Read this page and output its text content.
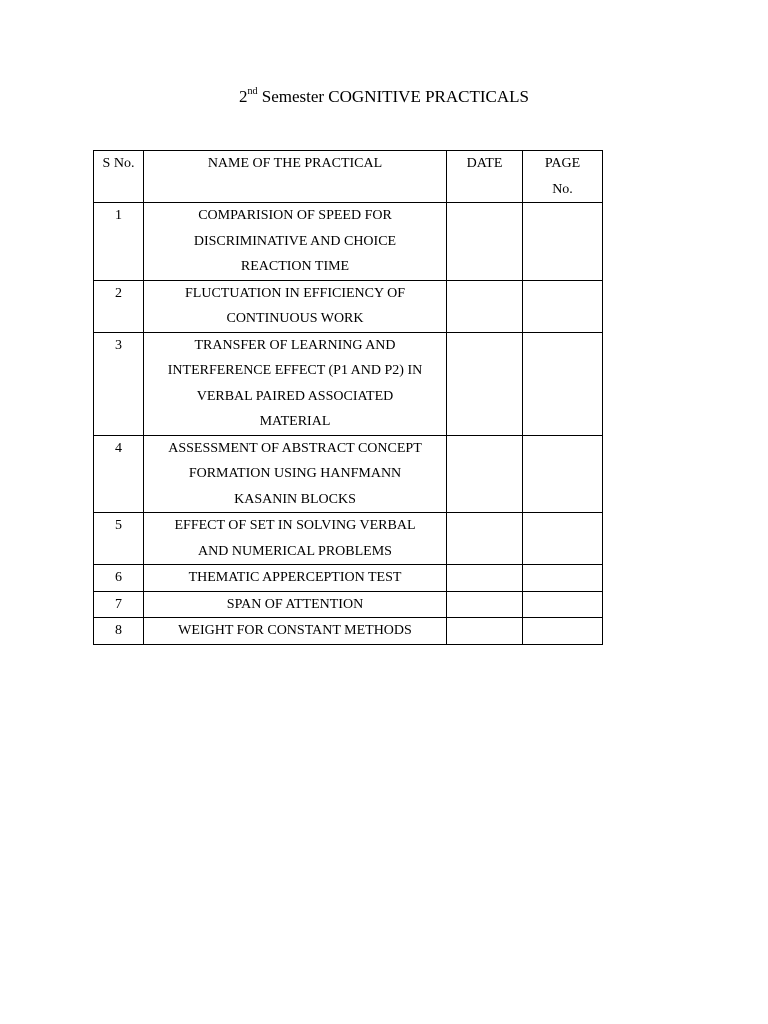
2nd Semester COGNITIVE PRACTICALS
S No.	NAME OF THE PRACTICAL	DATE	PAGE
No.
1	COMPARISION OF SPEED FOR
DISCRIMINATIVE AND CHOICE
REACTION TIME		

2	FLUCTUATION IN EFFICIENCY OF
CONTINUOUS WORK		

3	TRANSFER OF LEARNING AND
INTERFERENCE EFFECT (P1 AND P2) IN
VERBAL PAIRED ASSOCIATED
MATERIAL		

4	ASSESSMENT OF ABSTRACT CONCEPT
FORMATION USING HANFMANN
KASANIN BLOCKS		

5	EFFECT OF SET IN SOLVING VERBAL
AND NUMERICAL PROBLEMS		

6	THEMATIC APPERCEPTION TEST		

7	SPAN OF ATTENTION		

8	WEIGHT FOR CONSTANT METHODS		
